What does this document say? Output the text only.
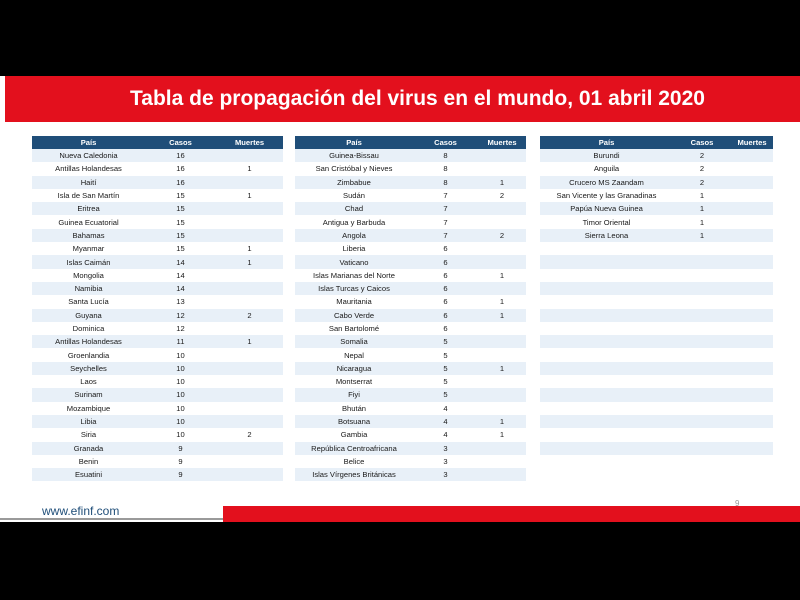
Tabla de propagación del virus en el mundo, 01 abril 2020
País	Casos	Muertes
Nueva Caledonia	16	
Antillas Holandesas	16	1
Haití	16	
Isla de San Martín	15	1
Eritrea	15	
Guinea Ecuatorial	15	
Bahamas	15	
Myanmar	15	1
Islas Caimán	14	1
Mongolia	14	
Namibia	14	
Santa Lucía	13	
Guyana	12	2
Dominica	12	
Antillas Holandesas	11	1
Groenlandia	10	
Seychelles	10	
Laos	10	
Surinam	10	
Mozambique	10	
Libia	10	
Siria	10	2
Granada	9	
Benin	9	
Esuatini	9	
País	Casos	Muertes
Guinea-Bissau	8	
San Cristóbal y Nieves	8	
Zimbabue	8	1
Sudán	7	2
Chad	7	
Antigua y Barbuda	7	
Angola	7	2
Liberia	6	
Vaticano	6	
Islas Marianas del Norte	6	1
Islas Turcas y Caicos	6	
Mauritania	6	1
Cabo Verde	6	1
San Bartolomé	6	
Somalia	5	
Nepal	5	
Nicaragua	5	1
Montserrat	5	
Fiyi	5	
Bhután	4	
Botsuana	4	1
Gambia	4	1
República Centroafricana	3	
Belice	3	
Islas Vírgenes Británicas	3	
País	Casos	Muertes
Burundi	2	
Anguila	2	
Crucero MS Zaandam	2	
San Vicente y las Granadinas	1	
Papúa Nueva Guinea	1	
Timor Oriental	1	
Sierra Leona	1	

www.efinf.com
9
